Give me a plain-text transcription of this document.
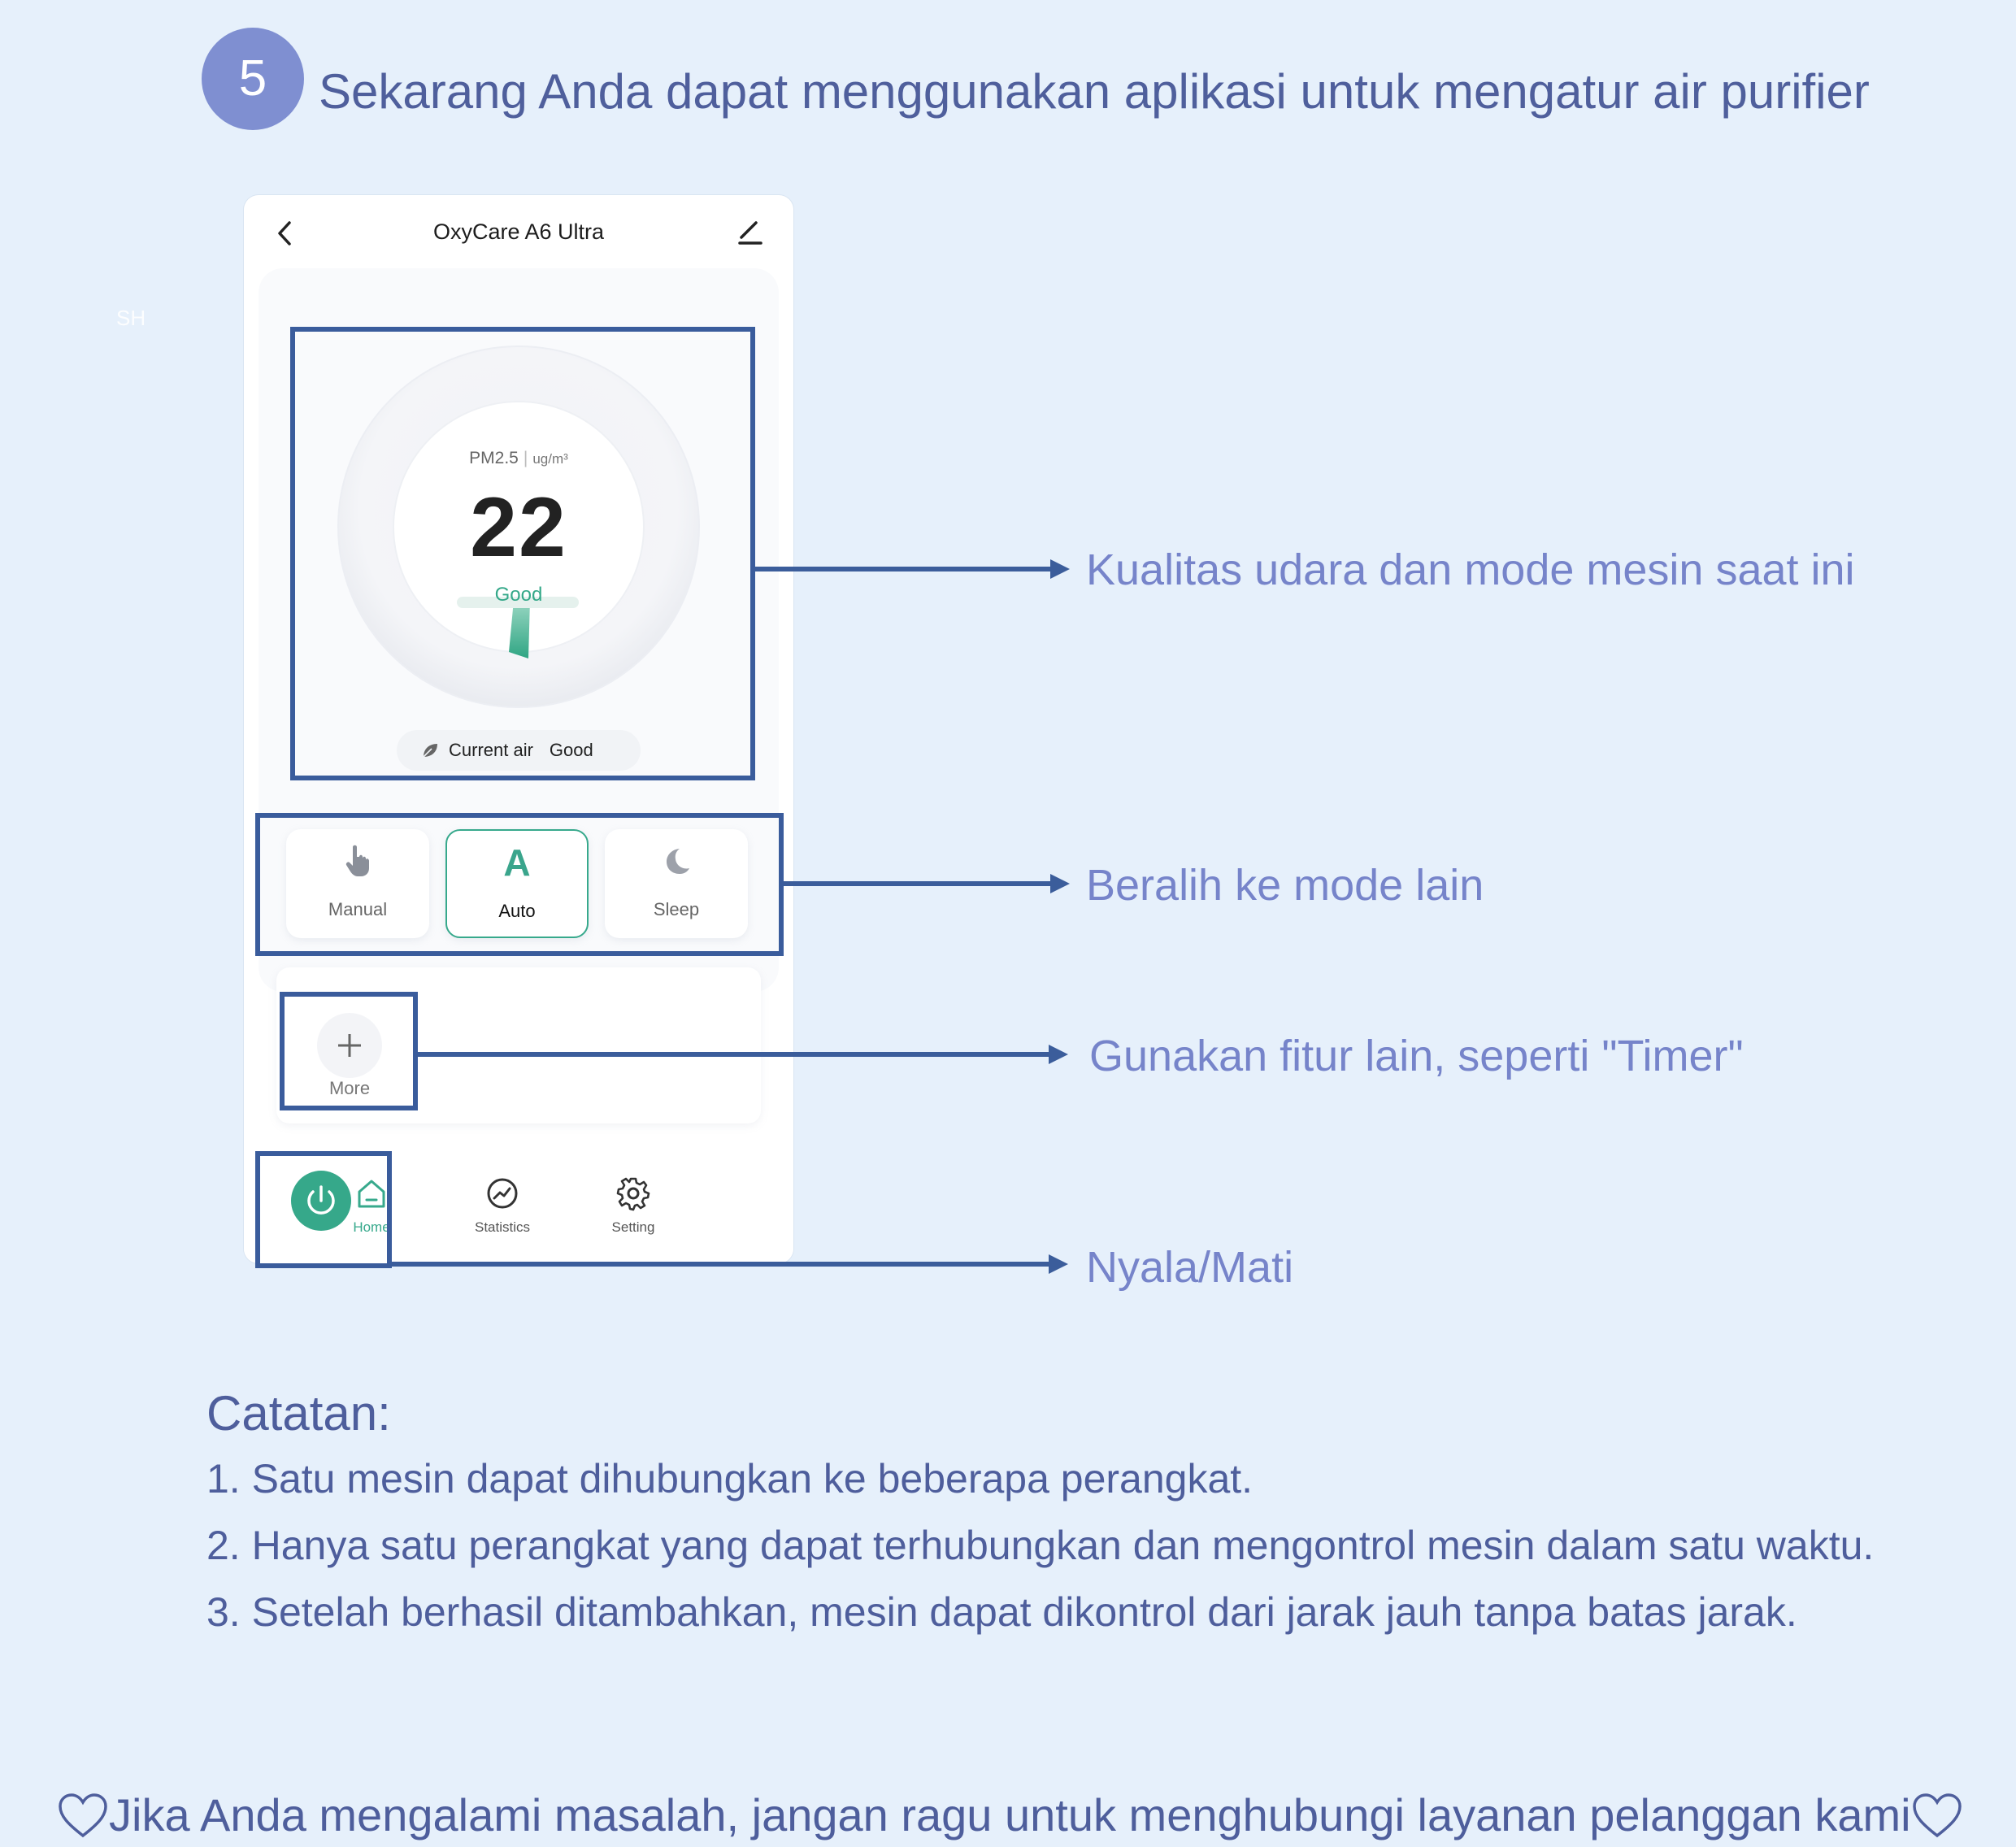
5	Sekarang Anda dapat menggunakan aplikasi untuk mengatur air purifier
SH
OxyCare A6 Ultra
PM2.5 | ug/m³
22
Good
Current air Good
Manual
A
Auto	Sleep
More
Home	Statistics	Setting
Kualitas udara dan mode mesin saat ini
Beralih ke mode lain
Gunakan fitur lain, seperti "Timer"
Nyala/Mati
Catatan:
1. Satu mesin dapat dihubungkan ke beberapa perangkat.
2. Hanya satu perangkat yang dapat terhubungkan dan mengontrol mesin dalam satu waktu.
3. Setelah berhasil ditambahkan, mesin dapat dikontrol dari jarak jauh tanpa batas jarak.
Jika Anda mengalami masalah, jangan ragu untuk menghubungi layanan pelanggan kami
